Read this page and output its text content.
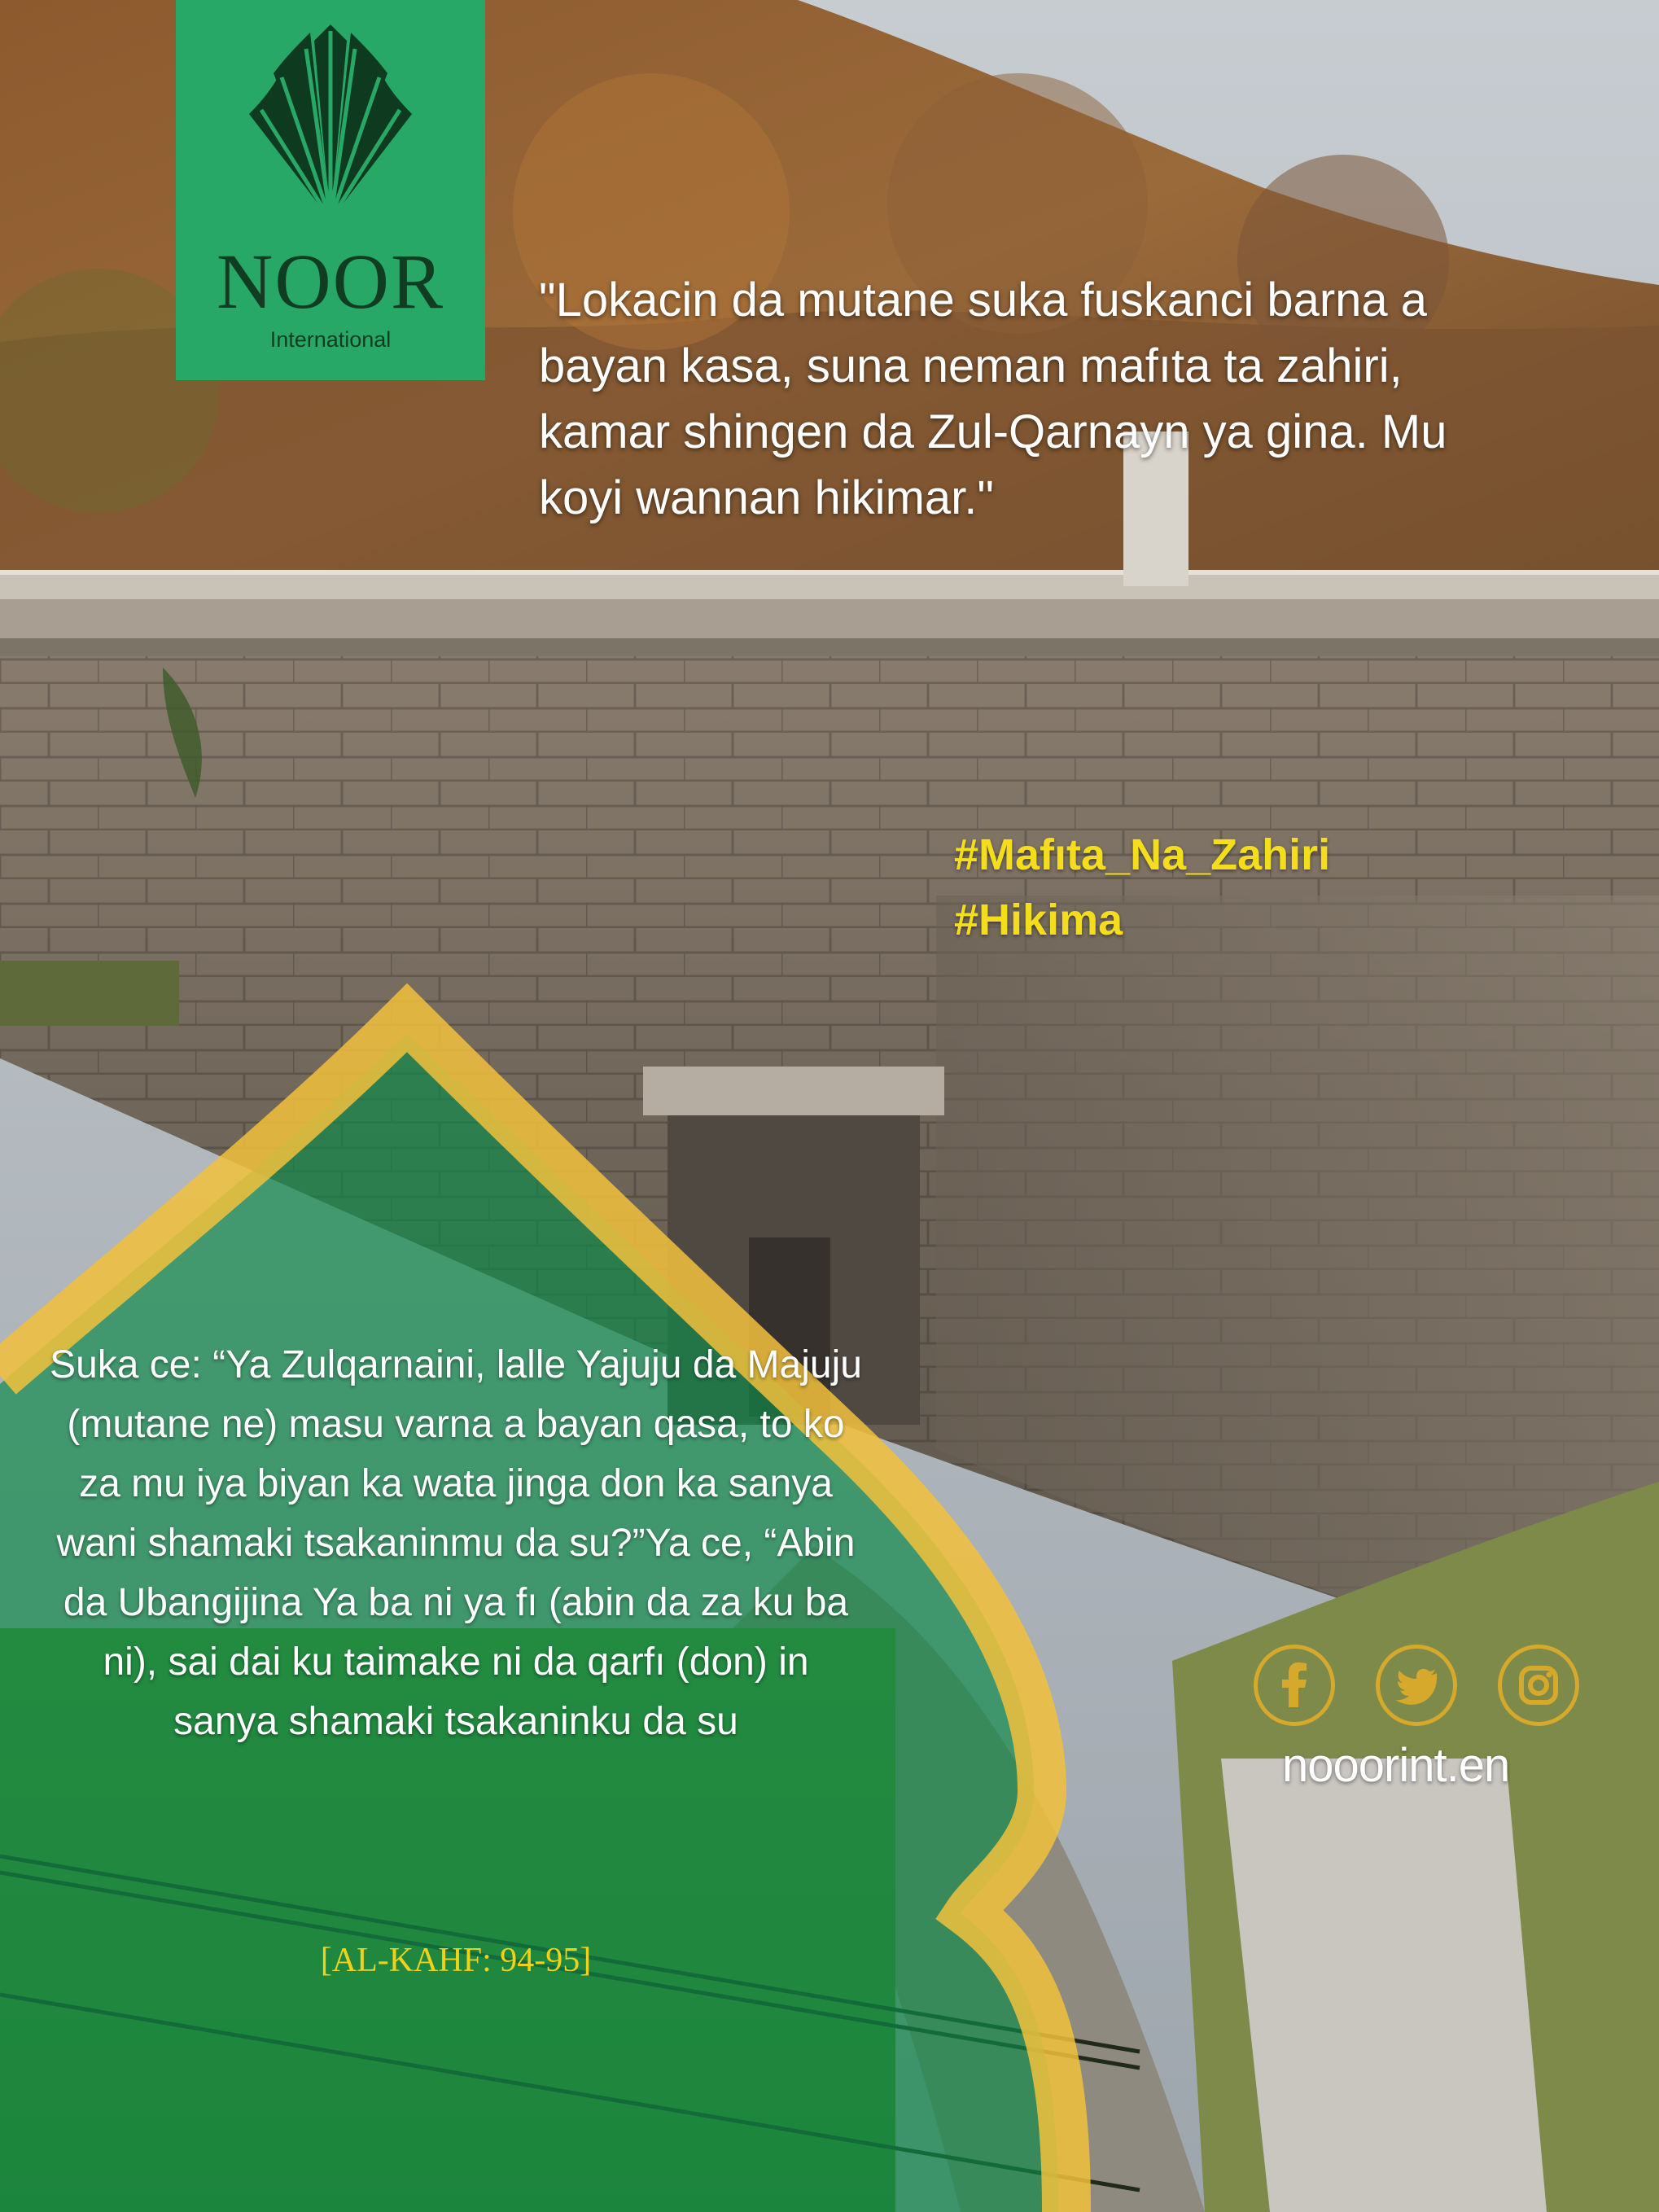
NOOR
International
"Lokacin da mutane suka fuskanci barna a bayan kasa, suna neman mafıta ta zahiri, kamar shingen da Zul-Qarnayn ya gina. Mu koyi wannan hikimar."
#Mafıta_Na_Zahiri
#Hikima
Suka ce: “Ya Zulqarnaini, lalle Yajuju da Majuju (mutane ne) masu varna a bayan qasa, to ko za mu iya biyan ka wata jinga don ka sanya wani shamaki tsakaninmu da su?”Ya ce, “Abin da Ubangijina Ya ba ni ya fı (abin da za ku ba ni), sai dai ku taimake ni da qarfı (don) in sanya shamaki tsakaninku da su
[AL-KAHF: 94-95]
nooorint.en
